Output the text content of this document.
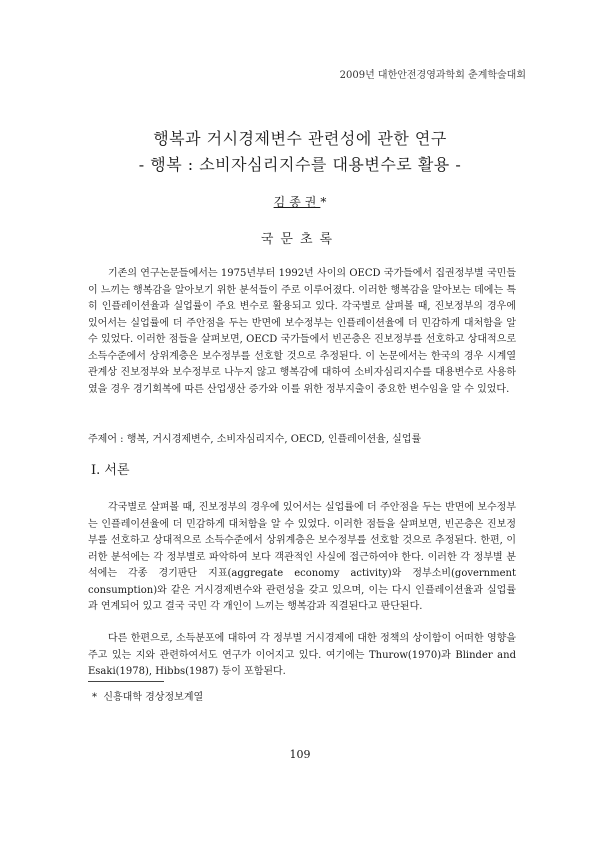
2009년 대한안전경영과학회 춘계학술대회
행복과 거시경제변수 관련성에 관한 연구
- 행복 : 소비자심리지수를 대용변수로 활용 -
김종권*
국문초록

기존의 연구논문들에서는 1975년부터 1992년 사이의 OECD 국가들에서 집권정부별 국민들이 느끼는 행복감을 알아보기 위한 분석들이 주로 이루어졌다. 이러한 행복감을 알아보는 데에는 특히 인플레이션율과 실업률이 주요 변수로 활용되고 있다. 각국별로 살펴볼 때, 진보정부의 경우에 있어서는 실업률에 더 주안점을 두는 반면에 보수정부는 인플레이션율에 더 민감하게 대처함을 알 수 있었다. 이러한 점들을 살펴보면, OECD 국가들에서 빈곤층은 진보정부를 선호하고 상대적으로 소득수준에서 상위계층은 보수정부를 선호할 것으로 추정된다. 이 논문에서는 한국의 경우 시계열 관계상 진보정부와 보수정부로 나누지 않고 행복감에 대하여 소비자심리지수를 대용변수로 사용하였을 경우 경기회복에 따른 산업생산 증가와 이를 위한 정부지출이 중요한 변수임을 알 수 있었다.

주제어 : 행복, 거시경제변수, 소비자심리지수, OECD, 인플레이션율, 실업률
Ⅰ. 서론

각국별로 살펴볼 때, 진보정부의 경우에 있어서는 실업률에 더 주안점을 두는 반면에 보수정부는 인플레이션율에 더 민감하게 대처함을 알 수 있었다. 이러한 점들을 살펴보면, 빈곤층은 진보정부를 선호하고 상대적으로 소득수준에서 상위계층은 보수정부를 선호할 것으로 추정된다. 한편, 이러한 분석에는 각 정부별로 파악하여 보다 객관적인 사실에 접근하여야 한다. 이러한 각 정부별 분석에는 각종 경기판단 지표(aggregate economy activity)와 정부소비(government consumption)와 같은 거시경제변수와 관련성을 갖고 있으며, 이는 다시 인플레이션율과 실업률과 연계되어 있고 결국 국민 각 개인이 느끼는 행복감과 직결된다고 판단된다.

다른 한편으로, 소득분포에 대하여 각 정부별 거시경제에 대한 정책의 상이함이 어떠한 영향을 주고 있는 지와 관련하여서도 연구가 이어지고 있다. 여기에는 Thurow(1970)과 Blinder and Esaki(1978), Hibbs(1987) 등이 포함된다.

* 신흥대학 경상정보계열
109
